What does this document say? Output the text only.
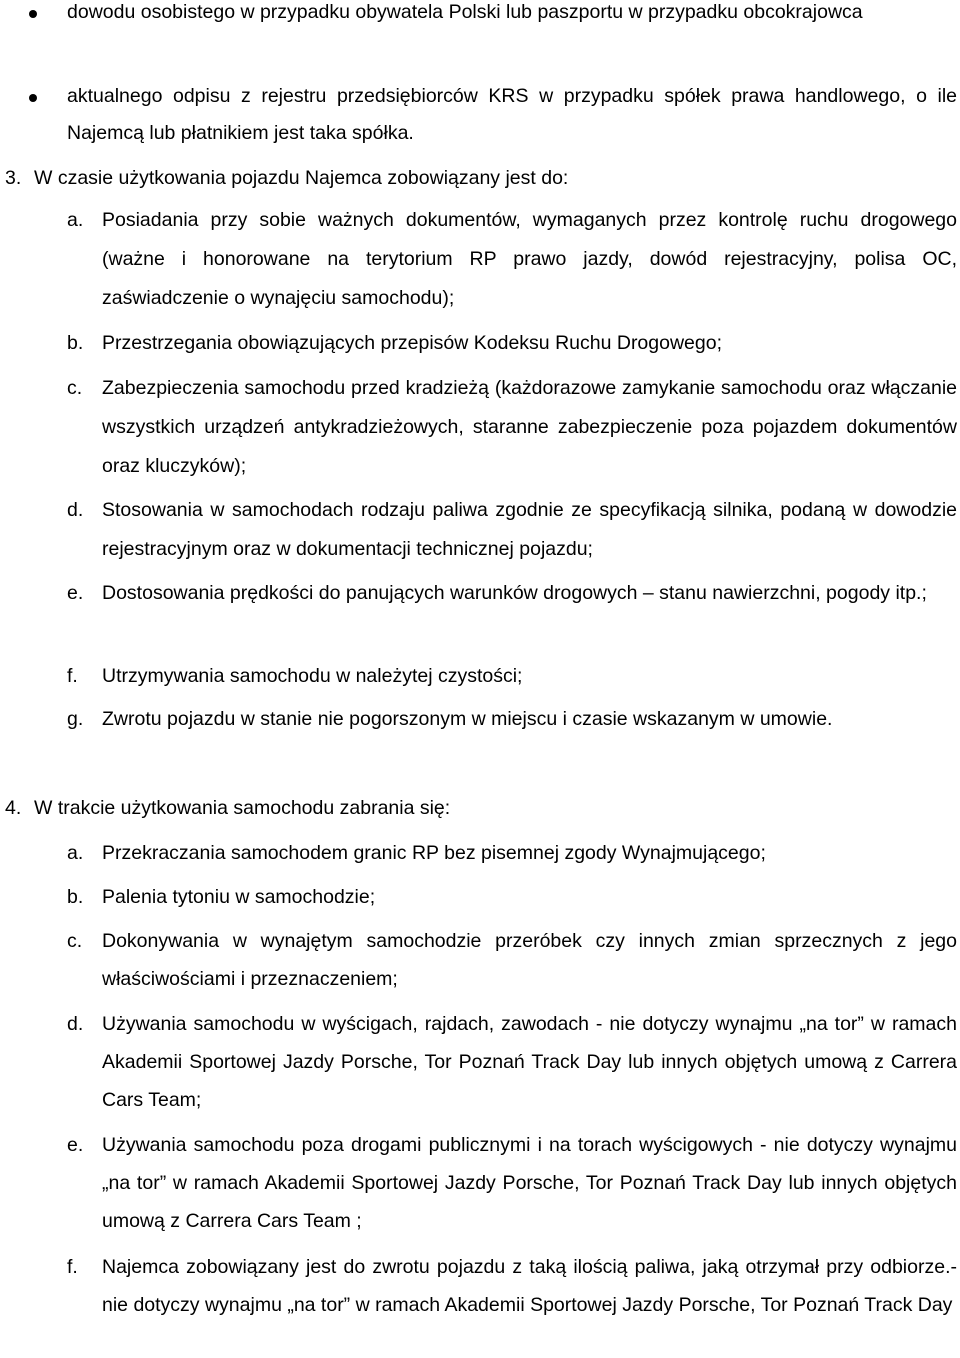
dowodu osobistego w przypadku obywatela Polski lub paszportu w przypadku obcokrajowca
aktualnego odpisu z rejestru przedsiębiorców KRS w przypadku spółek prawa handlowego, o ile Najemcą lub płatnikiem jest taka spółka.
3. W czasie użytkowania pojazdu Najemca zobowiązany jest do:
a. Posiadania przy sobie ważnych dokumentów, wymaganych przez kontrolę ruchu drogowego (ważne i honorowane na terytorium RP prawo jazdy, dowód rejestracyjny, polisa OC, zaświadczenie o wynajęciu samochodu);
b. Przestrzegania obowiązujących przepisów Kodeksu Ruchu Drogowego;
c. Zabezpieczenia samochodu przed kradzieżą (każdorazowe zamykanie samochodu oraz włączanie wszystkich urządzeń antykradzieżowych, staranne zabezpieczenie poza pojazdem dokumentów oraz kluczyków);
d. Stosowania w samochodach rodzaju paliwa zgodnie ze specyfikacją silnika, podaną w dowodzie rejestracyjnym oraz w dokumentacji technicznej pojazdu;
e. Dostosowania prędkości do panujących warunków drogowych – stanu nawierzchni, pogody itp.;
f. Utrzymywania samochodu w należytej czystości;
g. Zwrotu pojazdu w stanie nie pogorszonym w miejscu i czasie wskazanym w umowie.
4. W trakcie użytkowania samochodu zabrania się:
a. Przekraczania samochodem granic RP bez pisemnej zgody Wynajmującego;
b. Palenia tytoniu w samochodzie;
c. Dokonywania w wynajętym samochodzie przeróbek czy innych zmian sprzecznych z jego właściwościami i przeznaczeniem;
d. Używania samochodu w wyścigach, rajdach, zawodach - nie dotyczy wynajmu „na tor” w ramach Akademii Sportowej Jazdy Porsche, Tor Poznań Track Day lub innych objętych umową z Carrera Cars Team;
e. Używania samochodu poza drogami publicznymi i na torach wyścigowych - nie dotyczy wynajmu „na tor” w ramach Akademii Sportowej Jazdy Porsche, Tor Poznań Track Day lub innych objętych umową z Carrera Cars Team ;
f. Najemca zobowiązany jest do zwrotu pojazdu z taką ilością paliwa, jaką otrzymał przy odbiorze.- nie dotyczy wynajmu „na tor” w ramach Akademii Sportowej Jazdy Porsche, Tor Poznań Track Day
